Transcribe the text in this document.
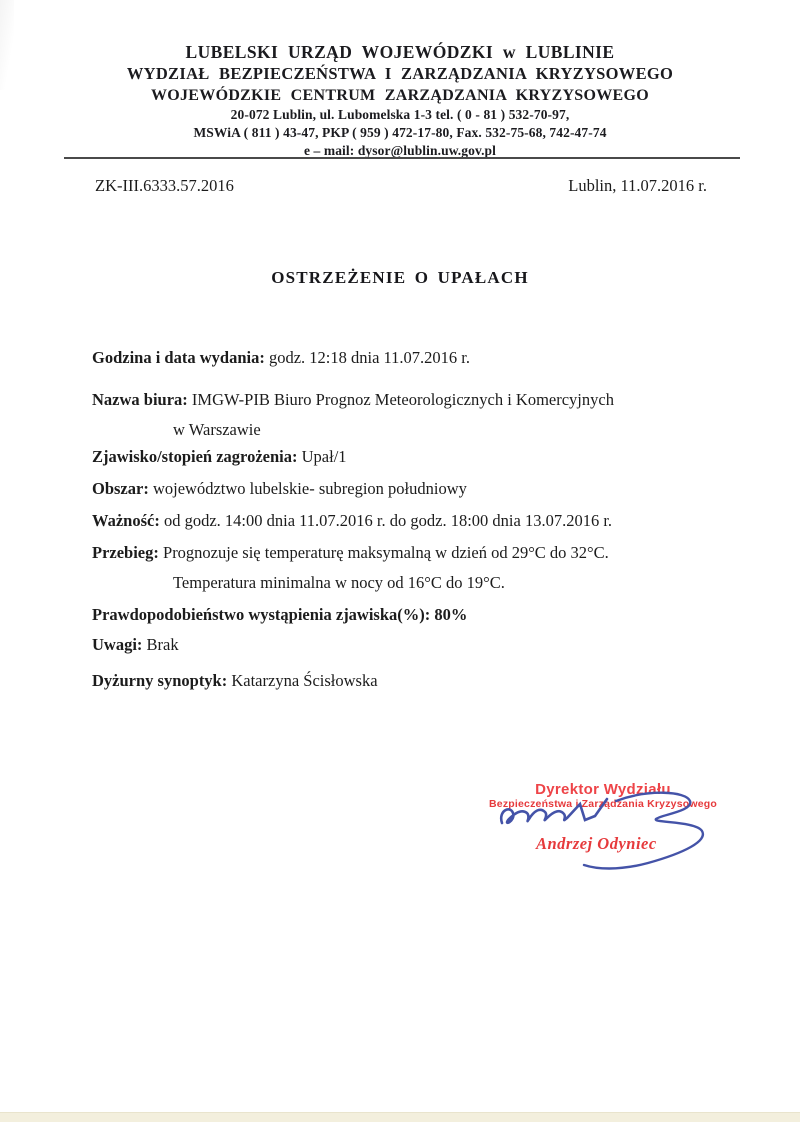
LUBELSKI URZĄD WOJEWÓDZKI w LUBLINIE
WYDZIAŁ BEZPIECZEŃSTWA I ZARZĄDZANIA KRYZYSOWEGO
WOJEWÓDZKIE CENTRUM ZARZĄDZANIA KRYZYSOWEGO
20-072 Lublin, ul. Lubomelska 1-3 tel. ( 0 - 81 ) 532-70-97,
MSWiA ( 811 ) 43-47, PKP ( 959 ) 472-17-80, Fax. 532-75-68, 742-47-74
e – mail: dysor@lublin.uw.gov.pl
ZK-III.6333.57.2016	Lublin, 11.07.2016 r.
OSTRZEŻENIE O UPAŁACH
Godzina i data wydania: godz. 12:18 dnia 11.07.2016 r.
Nazwa biura: IMGW-PIB Biuro Prognoz Meteorologicznych i Komercyjnych
w Warszawie
Zjawisko/stopień zagrożenia: Upał/1
Obszar: województwo lubelskie- subregion południowy
Ważność: od godz. 14:00 dnia 11.07.2016 r. do godz. 18:00 dnia 13.07.2016 r.
Przebieg: Prognozuje się temperaturę maksymalną w dzień od 29°C do 32°C.
Temperatura minimalna w nocy od 16°C do 19°C.
Prawdopodobieństwo wystąpienia zjawiska(%): 80%
Uwagi: Brak
Dyżurny synoptyk: Katarzyna Ścisłowska
Dyrektor Wydziału
Bezpieczeństwa i Zarządzania Kryzysowego
Andrzej Odyniec
